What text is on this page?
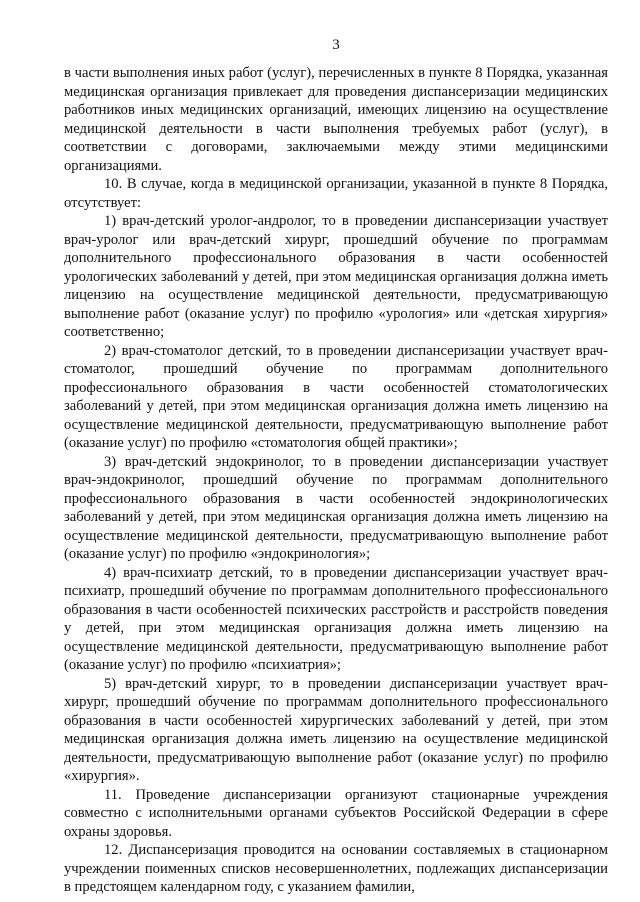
3

в части выполнения иных работ (услуг), перечисленных в пункте 8 Порядка, указанная медицинская организация привлекает для проведения диспансеризации медицинских работников иных медицинских организаций, имеющих лицензию на осуществление медицинской деятельности в части выполнения требуемых работ (услуг), в соответствии с договорами, заключаемыми между этими медицинскими организациями.

10. В случае, когда в медицинской организации, указанной в пункте 8 Порядка, отсутствует:

1) врач-детский уролог-андролог, то в проведении диспансеризации участвует врач-уролог или врач-детский хирург, прошедший обучение по программам дополнительного профессионального образования в части особенностей урологических заболеваний у детей, при этом медицинская организация должна иметь лицензию на осуществление медицинской деятельности, предусматривающую выполнение работ (оказание услуг) по профилю «урология» или «детская хирургия» соответственно;

2) врач-стоматолог детский, то в проведении диспансеризации участвует врач-стоматолог, прошедший обучение по программам дополнительного профессионального образования в части особенностей стоматологических заболеваний у детей, при этом медицинская организация должна иметь лицензию на осуществление медицинской деятельности, предусматривающую выполнение работ (оказание услуг) по профилю «стоматология общей практики»;

3) врач-детский эндокринолог, то в проведении диспансеризации участвует врач-эндокринолог, прошедший обучение по программам дополнительного профессионального образования в части особенностей эндокринологических заболеваний у детей, при этом медицинская организация должна иметь лицензию на осуществление медицинской деятельности, предусматривающую выполнение работ (оказание услуг) по профилю «эндокринология»;

4) врач-психиатр детский, то в проведении диспансеризации участвует врач-психиатр, прошедший обучение по программам дополнительного профессионального образования в части особенностей психических расстройств и расстройств поведения у детей, при этом медицинская организация должна иметь лицензию на осуществление медицинской деятельности, предусматривающую выполнение работ (оказание услуг) по профилю «психиатрия»;

5) врач-детский хирург, то в проведении диспансеризации участвует врач-хирург, прошедший обучение по программам дополнительного профессионального образования в части особенностей хирургических заболеваний у детей, при этом медицинская организация должна иметь лицензию на осуществление медицинской деятельности, предусматривающую выполнение работ (оказание услуг) по профилю «хирургия».

11. Проведение диспансеризации организуют стационарные учреждения совместно с исполнительными органами субъектов Российской Федерации в сфере охраны здоровья.

12. Диспансеризация проводится на основании составляемых в стационарном учреждении поименных списков несовершеннолетних, подлежащих диспансеризации в предстоящем календарном году, с указанием фамилии,
